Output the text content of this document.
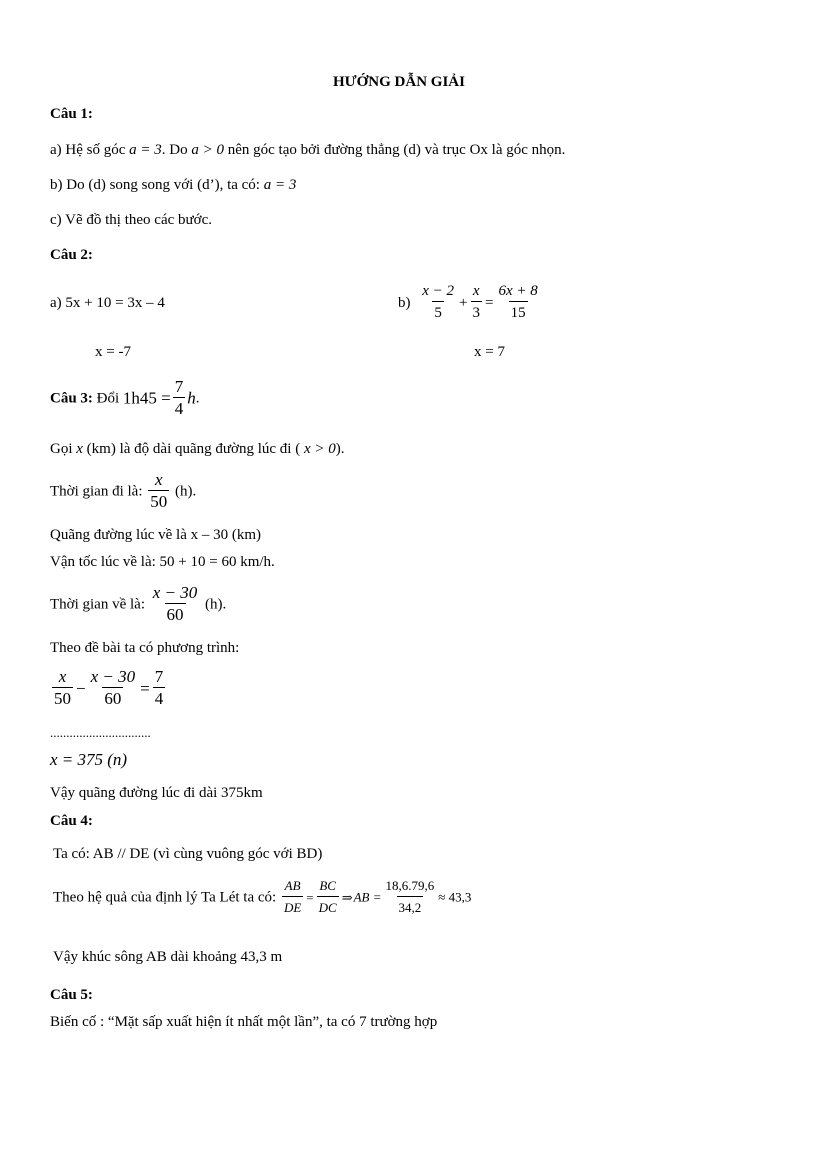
HƯỚNG DẪN GIẢI
Câu 1:
a) Hệ số góc a = 3. Do a > 0 nên góc tạo bởi đường thẳng (d) và trục Ox là góc nhọn.
b) Do (d) song song với (d’), ta có: a = 3
c) Vẽ đồ thị theo các bước.
Câu 2:
a) 5x + 10 = 3x – 4
x = -7
$b) \frac{x - 2}{5} + \frac{x}{3} = \frac{6x + 8}{15}$
x = 7
Câu 3: Đổi $1h45 = \frac{7}{4} h$.
Gọi x (km) là độ dài quãng đường lúc đi ( x > 0).
Thời gian đi là: $\frac{x}{50} (h)$.
Quãng đường lúc về là x – 30 (km)
Vận tốc lúc về là: 50 + 10 = 60 km/h.
Thời gian về là: $\frac{x - 30}{60} (h)$.
Theo đề bài ta có phương trình:
$\frac{x}{50} - \frac{x - 30}{60} = \frac{7}{4}$
...............................
x = 375 (n)
Vậy quãng đường lúc đi dài 375km
Câu 4:
Ta có: AB // DE (vì cùng vuông góc với BD)
Theo hệ quả của định lý Ta Lét ta có: $\frac{AB}{DE} = \frac{BC}{DC}$ ⇒AB = $\frac{18,6.79,6}{34,2} \approx 43,3$
Vậy khúc sông AB dài khoảng 43,3 m
Câu 5:
Biến cố : “Mặt sấp xuất hiện ít nhất một lần”, ta có 7 trường hợp
